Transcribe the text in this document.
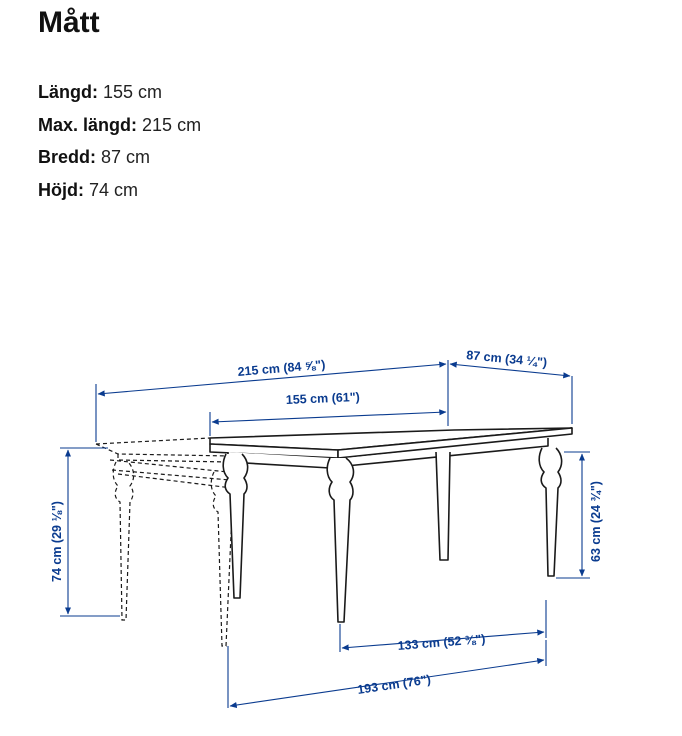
Mått
Längd: 155 cm
Max. längd: 215 cm
Bredd: 87 cm
Höjd: 74 cm
215 cm (84 ⅝")	87 cm (34 ¼")
155 cm (61")
74 cm (29 ⅛")	63 cm (24 ¾")
133 cm (52 ⅜")
193 cm (76")
